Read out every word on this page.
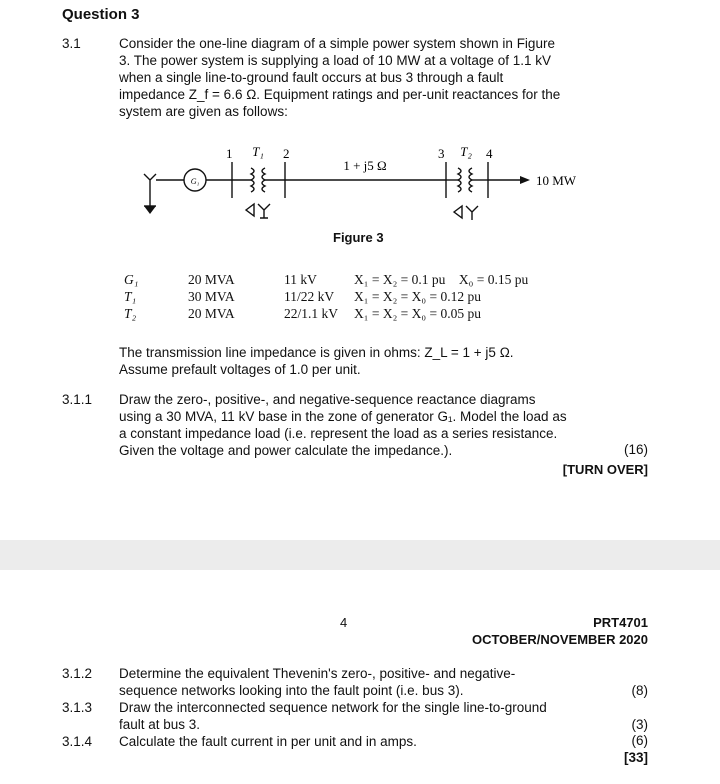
Question 3
3.1	Consider the one-line diagram of a simple power system shown in Figure
3. The power system is supplying a load of 10 MW at a voltage of 1.1 kV
when a single line-to-ground fault occurs at bus 3 through a fault
impedance Z_f = 6.6 Ω. Equipment ratings and per-unit reactances for the
system are given as follows:
G₁
1 T₁ 2
1 + j5 Ω
3 T₂ 4
10 MW
Figure 3
G₁	20 MVA	11 kV	X₁ = X₂ = 0.1 pu    X₀ = 0.15 pu
T₁	30 MVA	11/22 kV	X₁ = X₂ = X₀ = 0.12 pu
T₂	20 MVA	22/1.1 kV	X₁ = X₂ = X₀ = 0.05 pu
The transmission line impedance is given in ohms: Z_L = 1 + j5 Ω.
Assume prefault voltages of 1.0 per unit.
3.1.1 Draw the zero-, positive-, and negative-sequence reactance diagrams
using a 30 MVA, 11 kV base in the zone of generator G₁. Model the load as
a constant impedance load (i.e. represent the load as a series resistance.
Given the voltage and power calculate the impedance.).	(16)
[TURN OVER]
4	PRT4701
OCTOBER/NOVEMBER 2020
3.1.2 Determine the equivalent Thevenin's zero-, positive- and negative-
sequence networks looking into the fault point (i.e. bus 3).	(8)
3.1.3 Draw the interconnected sequence network for the single line-to-ground
fault at bus 3.	(3)
3.1.4 Calculate the fault current in per unit and in amps.	(6)
[33]
